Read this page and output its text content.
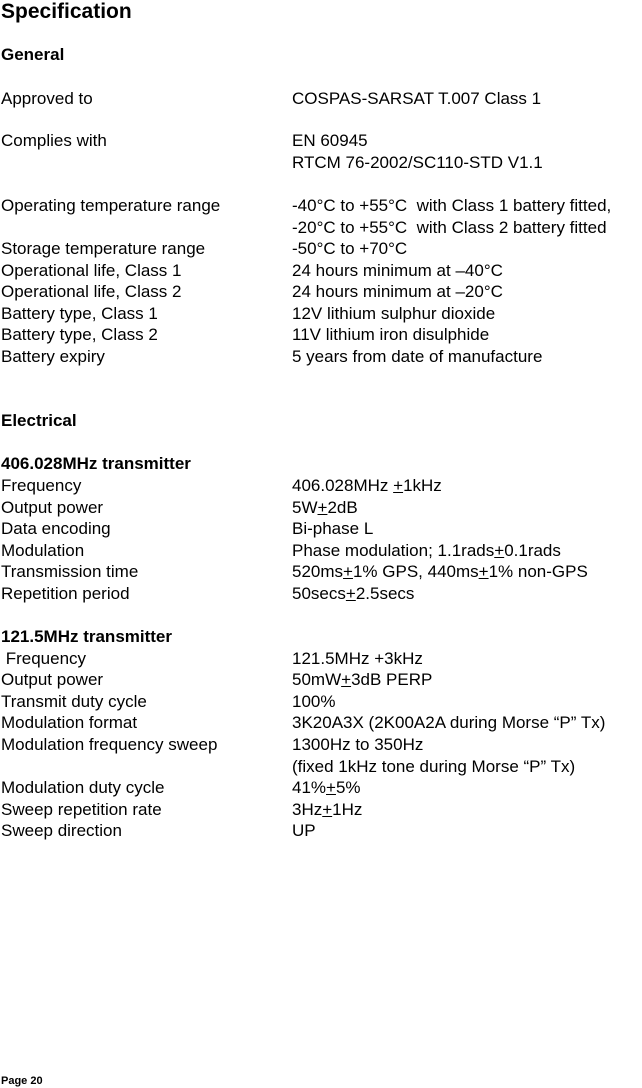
Specification
General
Approved to	COSPAS-SARSAT T.007 Class 1
Complies with	EN 60945
RTCM 76-2002/SC110-STD V1.1
Operating temperature range	-40°C to +55°C  with Class 1 battery fitted,
-20°C to +55°C  with Class 2 battery fitted
Storage temperature range	-50°C to +70°C
Operational life, Class 1	24 hours minimum at –40°C
Operational life, Class 2	24 hours minimum at –20°C
Battery type, Class 1	12V lithium sulphur dioxide
Battery type, Class 2	11V lithium iron disulphide
Battery expiry	5 years from date of manufacture
Electrical
406.028MHz transmitter
Frequency	406.028MHz +1kHz
Output power	5W+2dB
Data encoding	Bi-phase L
Modulation	Phase modulation; 1.1rads+0.1rads
Transmission time	520ms+1% GPS, 440ms+1% non-GPS
Repetition period	50secs+2.5secs
121.5MHz transmitter
Frequency	121.5MHz +3kHz
Output power	50mW+3dB PERP
Transmit duty cycle	100%
Modulation format	3K20A3X (2K00A2A during Morse “P” Tx)
Modulation frequency sweep	1300Hz to 350Hz
(fixed 1kHz tone during Morse “P” Tx)
Modulation duty cycle	41%+5%
Sweep repetition rate	3Hz+1Hz
Sweep direction	UP
Page 20
